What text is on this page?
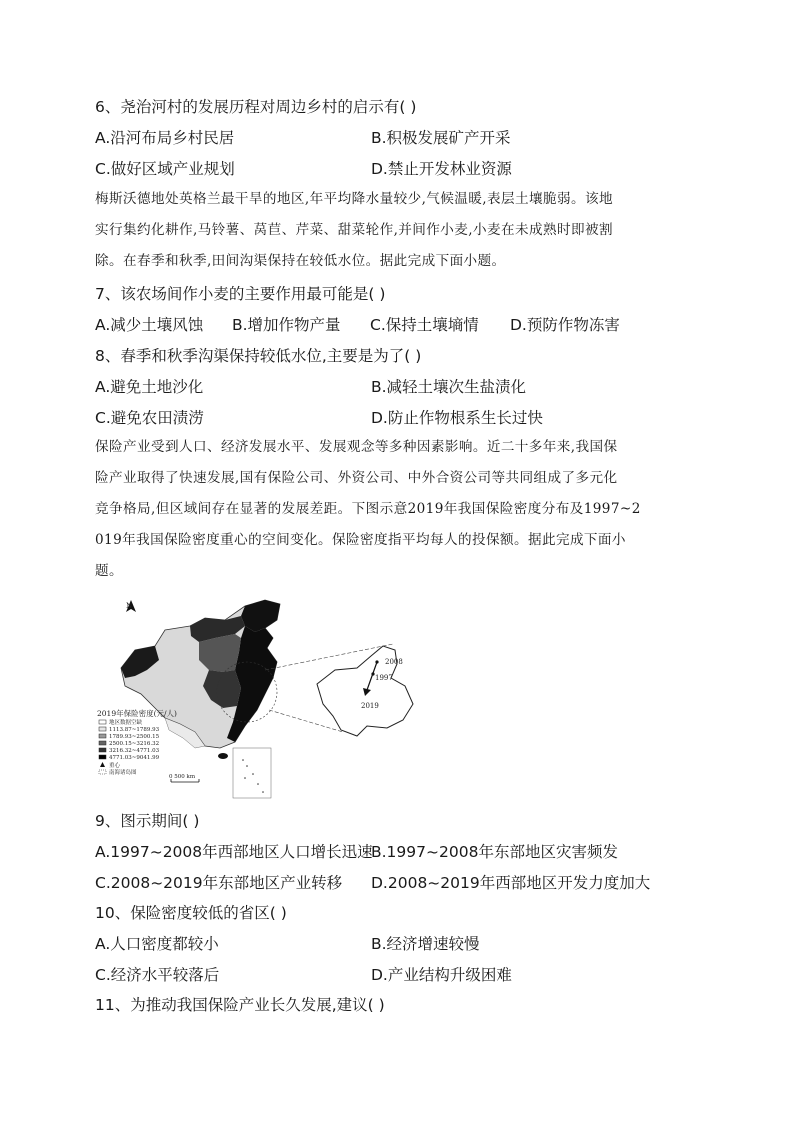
6、尧治河村的发展历程对周边乡村的启示有( )
A.沿河布局乡村民居	B.积极发展矿产开采
C.做好区域产业规划	D.禁止开发林业资源
梅斯沃德地处英格兰最干旱的地区,年平均降水量较少,气候温暖,表层土壤脆弱。该地
实行集约化耕作,马铃薯、莴苣、芹菜、甜菜轮作,并间作小麦,小麦在未成熟时即被割
除。在春季和秋季,田间沟渠保持在较低水位。据此完成下面小题。
7、该农场间作小麦的主要作用最可能是( )
A.减少土壤风蚀 B.增加作物产量 C.保持土壤墒情 D.预防作物冻害
8、春季和秋季沟渠保持较低水位,主要是为了( )
A.避免土地沙化	B.减轻土壤次生盐渍化
C.避免农田渍涝	D.防止作物根系生长过快
保险产业受到人口、经济发展水平、发展观念等多种因素影响。近二十多年来,我国保
险产业取得了快速发展,国有保险公司、外资公司、中外合资公司等共同组成了多元化
竞争格局,但区域间存在显著的发展差距。下图示意2019年我国保险密度分布及1997~2
019年我国保险密度重心的空间变化。保险密度指平均每人的投保额。据此完成下面小
题。
N
2008
1997
2019
2019年保险密度(元/人)
地区数据空缺
1113.87~1789.93
1789.93~2500.15
2500.15~3216.32
3216.32~4771.03
4771.03~9041.99
重心
南海诸岛图
0 500 km
9、图示期间( )
A.1997~2008年西部地区人口增长迅速
B.1997~2008年东部地区灾害频发
C.2008~2019年东部地区产业转移 D.2008~2019年西部地区开发力度加大
10、保险密度较低的省区( )
A.人口密度都较小	B.经济增速较慢
C.经济水平较落后	D.产业结构升级困难
11、为推动我国保险产业长久发展,建议( )
